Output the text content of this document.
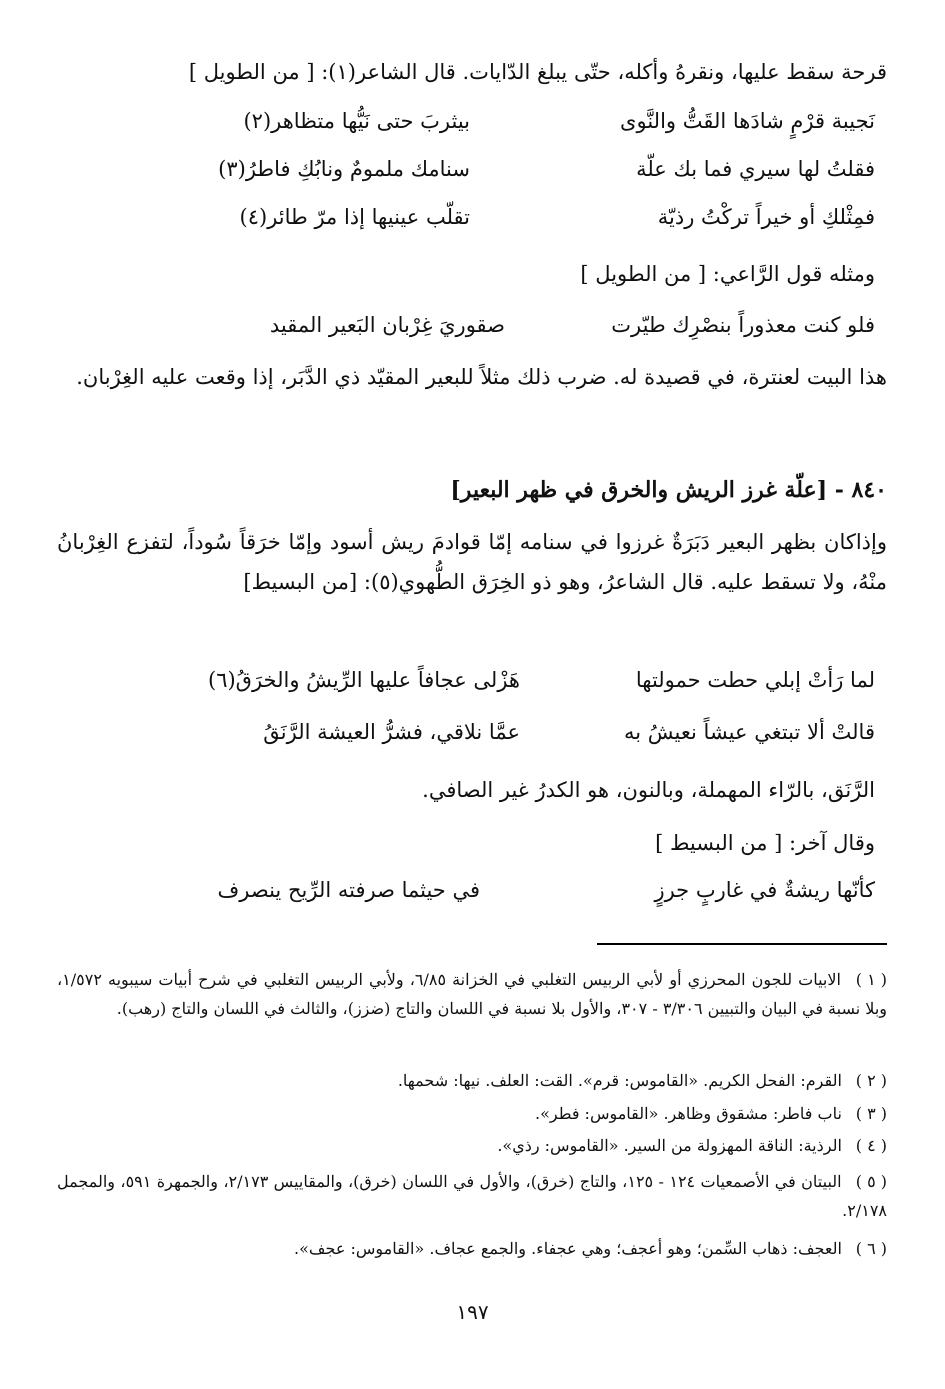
قرحة سقط عليها، ونقرهُ وأكله، حتّى يبلغ الدّايات. قال الشاعر(١): [ من الطويل ]
نَجيبة قرْمٍ شادَها القَتُّ والنَّوى
بيثربَ حتى نَيُّها متظاهر(٢)
فقلتُ لها سيري فما بك علّة
سنامك ملمومٌ ونابُكِ فاطرُ(٣)
فمِثْلكِ أو خيراً تركْتُ رذيّة
تقلّب عينيها إذا مرّ طائر(٤)
ومثله قول الرَّاعي: [ من الطويل ]
فلو كنت معذوراً بنصْرِك طيّرت
صقوريَ غِرْبان البَعير المقيد
هذا البيت لعنترة، في قصيدة له. ضرب ذلك مثلاً للبعير المقيّد ذي الدَّبَر، إذا وقعت عليه الغِرْبان.
٨٤٠ - [علّة غرز الريش والخرق في ظهر البعير]
وإذاكان بظهر البعير دَبَرَةٌ غرزوا في سنامه إمّا قوادمَ ريش أسود وإمّا خرَقاً سُوداً، لتفزع الغِرْبانُ منْهُ، ولا تسقط عليه. قال الشاعرُ، وهو ذو الخِرَق الطُّهوي(٥): [من البسيط]
لما رَأتْ إبلي حطت حمولتها
هَزْلى عجافاً عليها الرِّيشُ والخرَقُ(٦)
قالتْ ألا تبتغي عيشاً نعيشُ به
عمَّا نلاقي، فشرُّ العيشة الرَّنَقُ
الرَّنَق، بالرّاء المهملة، وبالنون، هو الكدرُ غير الصافي.
وقال آخر: [ من البسيط ]
كأنّها ريشةٌ في غاربٍ جرزٍ
في حيثما صرفته الرِّيح ينصرف
( ١ ) الابيات للجون المحرزي أو لأبي الربيس التغلبي في الخزانة ٦/٨٥، ولأبي الربيس التغلبي في شرح أبيات سيبويه ١/٥٧٢، وبلا نسبة في البيان والتبيين ٣/٣٠٦ - ٣٠٧، والأول بلا نسبة في اللسان والتاج (ضزز)، والثالث في اللسان والتاج (رهب).
( ٢ ) القرم: الفحل الكريم. «القاموس: قرم». القت: العلف. نيها: شحمها.
( ٣ ) ناب فاطر: مشقوق وظاهر. «القاموس: فطر».
( ٤ ) الرذية: الناقة المهزولة من السير. «القاموس: رذي».
( ٥ ) البيتان في الأصمعيات ١٢٤ - ١٢٥، والتاج (خرق)، والأول في اللسان (خرق)، والمقاييس ٢/١٧٣، والجمهرة ٥٩١، والمجمل ٢/١٧٨.
( ٦ ) العجف: ذهاب السِّمن؛ وهو أعجف؛ وهي عجفاء. والجمع عجاف. «القاموس: عجف».
١٩٧
